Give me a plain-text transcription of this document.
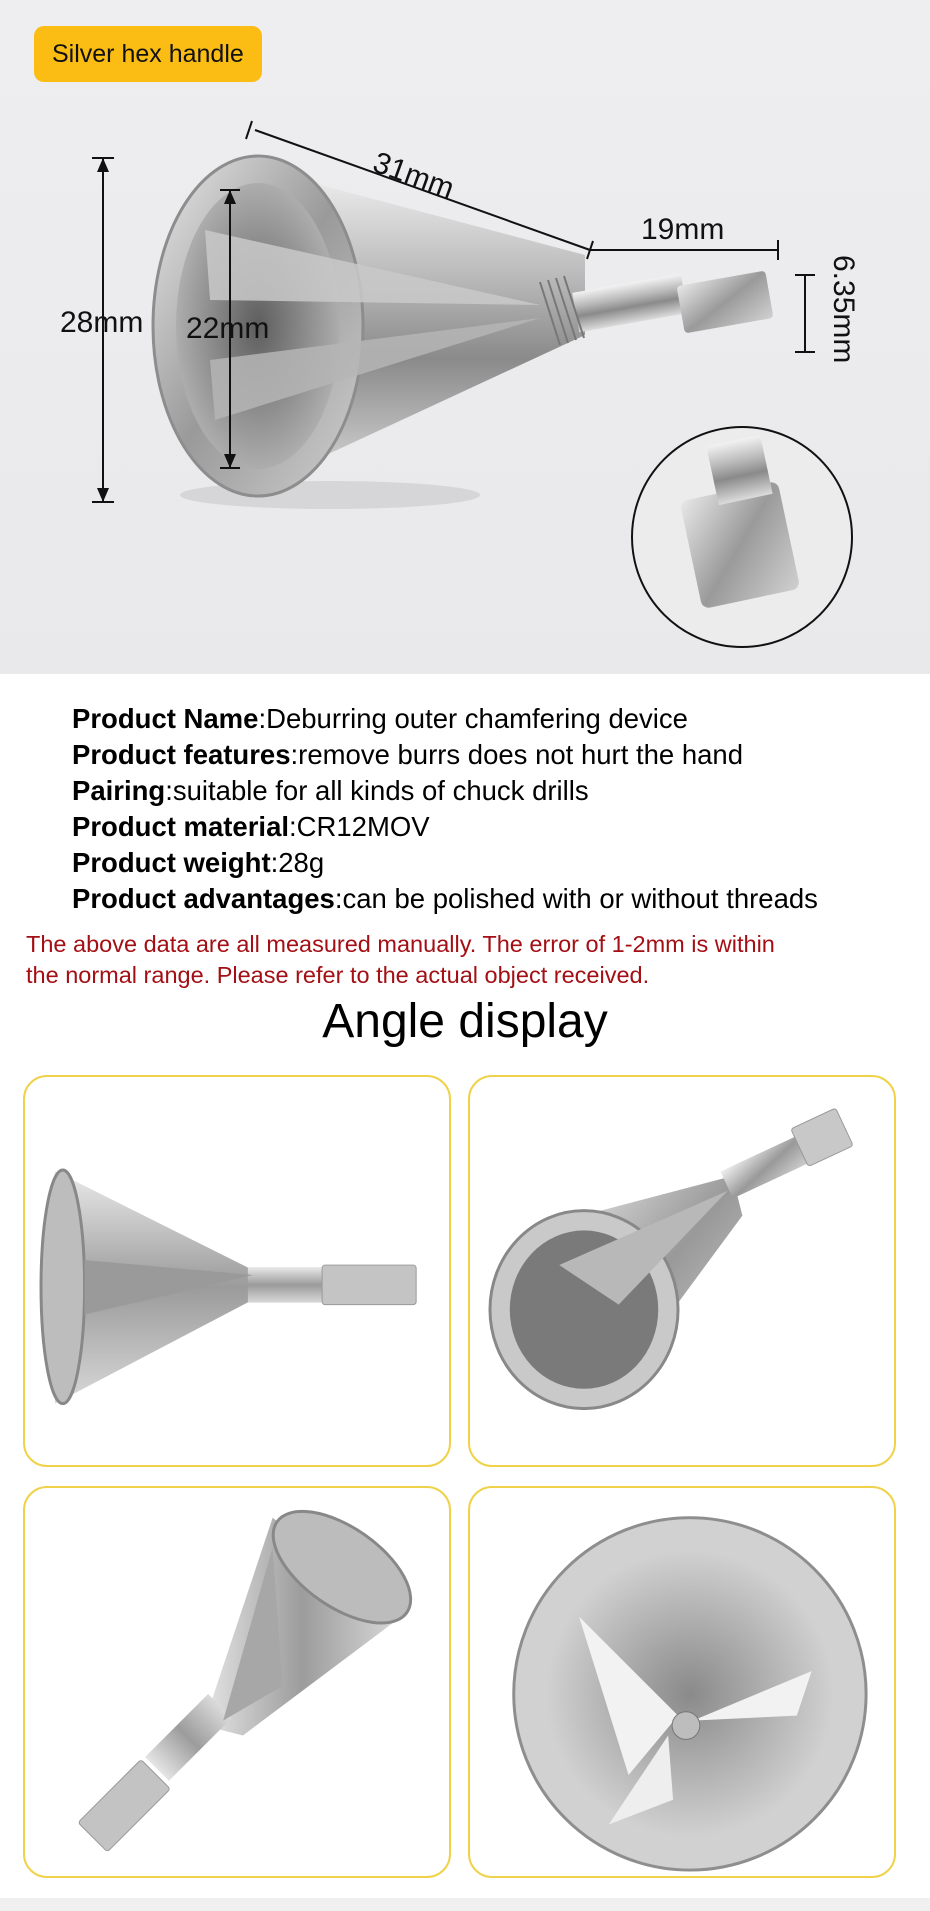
Silver hex handle
28mm 22mm
31mm
19mm
6.35mm
Product Name:Deburring outer chamfering device
Product features:remove burrs does not hurt the hand
Pairing:suitable for all kinds of chuck drills
Product material:CR12MOV
Product weight:28g
Product advantages:can be polished with or without threads
The above data are all measured manually. The error of 1-2mm is within
the normal range. Please refer to the actual object received.
Angle display
